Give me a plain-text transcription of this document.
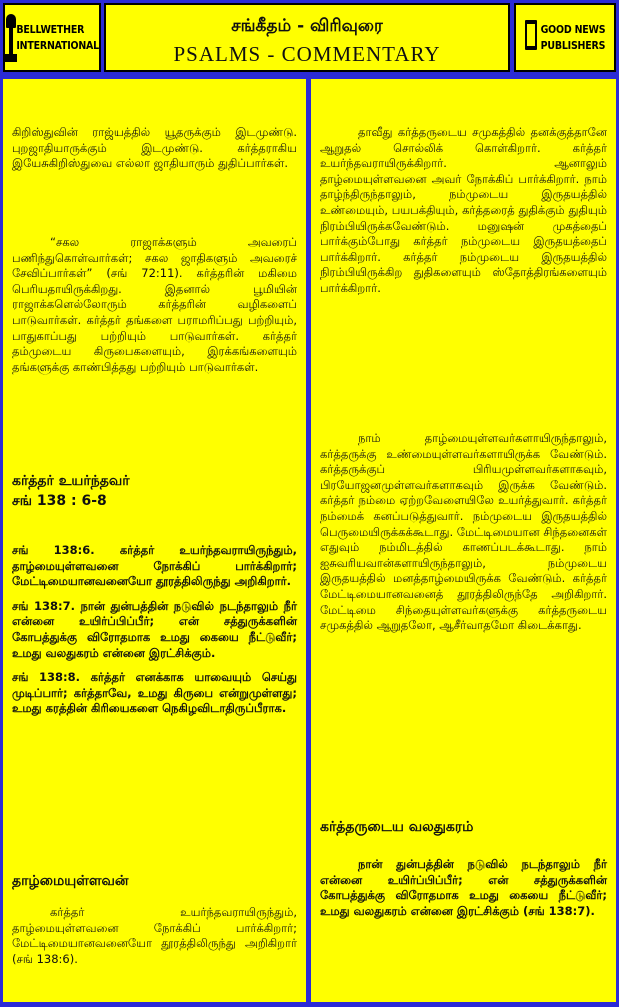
BELLWETHER
INTERNATIONAL
சங்கீதம் - விரிவுரை
PSALMS - COMMENTARY
GOOD NEWS
PUBLISHERS

கிறிஸ்துவின் ராஜ்யத்தில் யூதருக்கும் இடமுண்டு. புறஜாதியாருக்கும் இடமுண்டு. கர்த்தராகிய இயேசுகிறிஸ்துவை எல்லா ஜாதியாரும் துதிப்பார்கள்.

“சகல ராஜாக்களும் அவரைப் பணிந்துகொள்வார்கள்; சகல ஜாதிகளும் அவரைச் சேவிப்பார்கள்” (சங் 72:11). கர்த்தரின் மகிமை பெரியதாயிருக்கிறது. இதனால் பூமியின் ராஜாக்களெல்லோரும் கர்த்தரின் வழிகளைப் பாடுவார்கள். கர்த்தர் தங்களை பராமரிப்பது பற்றியும், பாதுகாப்பது பற்றியும் பாடுவார்கள். கர்த்தர் தம்முடைய கிருபைகளையும், இரக்கங்களையும் தங்களுக்கு காண்பித்தது பற்றியும் பாடுவார்கள்.

கர்த்தர் உயர்ந்தவர்

சங் 138 : 6-8

சங் 138:6. கர்த்தர் உயர்ந்தவராயிருந்தும், தாழ்மையுள்ளவனை நோக்கிப் பார்க்கிறார்; மேட்டிமையானவனையோ தூரத்திலிருந்து அறிகிறார்.

சங் 138:7. நான் துன்பத்தின் நடுவில் நடந்தாலும் நீர் என்னை உயிர்ப்பிப்பீர்; என் சத்துருக்களின் கோபத்துக்கு விரோதமாக உமது கையை நீட்டுவீர்; உமது வலதுகரம் என்னை இரட்சிக்கும்.

சங் 138:8. கர்த்தர் எனக்காக யாவையும் செய்து முடிப்பார்; கர்த்தாவே, உமது கிருபை என்றுமுள்ளது; உமது கரத்தின் கிரியைகளை நெகிழவிடாதிருப்பீராக.

தாழ்மையுள்ளவன்

கர்த்தர் உயர்ந்தவராயிருந்தும், தாழ்மையுள்ளவனை நோக்கிப் பார்க்கிறார்; மேட்டிமையானவனையோ தூரத்திலிருந்து அறிகிறார் (சங் 138:6).

தாவீது கர்த்தருடைய சமுகத்தில் தனக்குத்தானே ஆறுதல் சொல்லிக் கொள்கிறார். கர்த்தர் உயர்ந்தவராயிருக்கிறார். ஆனாலும் தாழ்மையுள்ளவனை அவர் நோக்கிப் பார்க்கிறார். நாம் தாழ்ந்திருந்தாலும், நம்முடைய இருதயத்தில் உண்மையும், பயபக்தியும், கர்த்தரைத் துதிக்கும் துதியும் நிரம்பியிருக்கவேண்டும். மனுஷன் முகத்தைப் பார்க்கும்போது கர்த்தர் நம்முடைய இருதயத்தைப் பார்க்கிறார். கர்த்தர் நம்முடைய இருதயத்தில் நிரம்பியிருக்கிற துதிகளையும் ஸ்தோத்திரங்களையும் பார்க்கிறார்.

நாம் தாழ்மையுள்ளவர்களாயிருந்தாலும், கர்த்தருக்கு உண்மையுள்ளவர்களாயிருக்க வேண்டும். கர்த்தருக்குப் பிரியமுள்ளவர்களாகவும், பிரயோஜனமுள்ளவர்களாகவும் இருக்க வேண்டும். கர்த்தர் நம்மை ஏற்றவேளையிலே உயர்த்துவார். கர்த்தர் நம்மைக் கனப்படுத்துவார். நம்முடைய இருதயத்தில் பெருமையிருக்கக்கூடாது. மேட்டிமையான சிந்தனைகள் எதுவும் நம்மிடத்தில் காணப்படக்கூடாது. நாம் ஐசுவரியவான்களாயிருந்தாலும், நம்முடைய இருதயத்தில் மனத்தாழ்மையிருக்க வேண்டும். கர்த்தர் மேட்டிமையானவனைத் தூரத்திலிருந்தே அறிகிறார். மேட்டிமை சிந்தையுள்ளவர்களுக்கு கர்த்தருடைய சமுகத்தில் ஆறுதலோ, ஆசீர்வாதமோ கிடைக்காது.

கர்த்தருடைய வலதுகரம்

நான் துன்பத்தின் நடுவில் நடந்தாலும் நீர் என்னை உயிர்ப்பிப்பீர்; என் சத்துருக்களின் கோபத்துக்கு விரோதமாக உமது கையை நீட்டுவீர்; உமது வலதுகரம் என்னை இரட்சிக்கும் (சங் 138:7).
